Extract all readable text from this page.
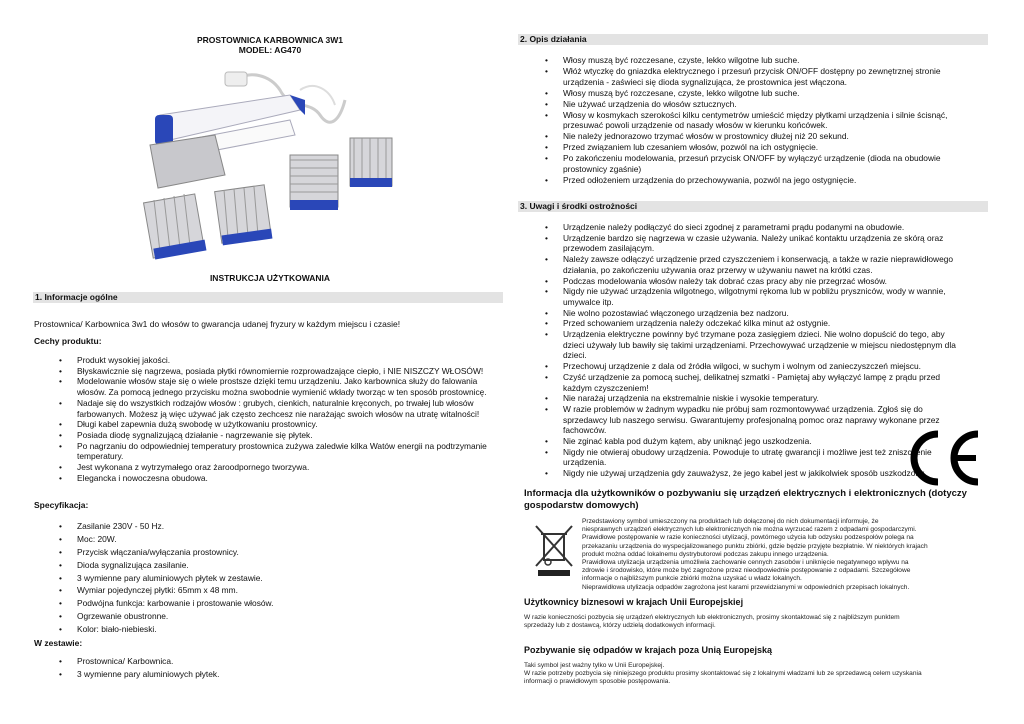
PROSTOWNICA KARBOWNICA 3W1
MODEL: AG470
INSTRUKCJA UŻYTKOWANIA
1. Informacje ogólne
Prostownica/ Karbownica 3w1 do włosów to gwarancja udanej fryzury w każdym miejscu i czasie!
Cechy produktu:
• Produkt wysokiej jakości.
• Błyskawicznie się nagrzewa, posiada płytki równomiernie rozprowadzające ciepło, i NIE NISZCZY WŁOSÓW!
• Modelowanie włosów staje się o wiele prostsze dzięki temu urządzeniu. Jako karbownica służy do falowania włosów. Za pomocą jednego przycisku można swobodnie wymienić wkłady tworząc w ten sposób prostownicę.
• Nadaje się do wszystkich rodzajów włosów : grubych, cienkich, naturalnie kręconych, po trwałej lub włosów farbowanych. Możesz ją więc używać jak często zechcesz nie narażając swoich włosów na utratę witalności!
• Długi kabel zapewnia dużą swobodę w użytkowaniu prostownicy.
• Posiada diodę sygnalizującą działanie - nagrzewanie się płytek.
• Po nagrzaniu do odpowiedniej temperatury prostownica zużywa zaledwie kilka Watów energii na podtrzymanie temperatury.
• Jest wykonana z wytrzymałego oraz żaroodpornego tworzywa.
• Elegancka i nowoczesna obudowa.
Specyfikacja:
• Zasilanie 230V - 50 Hz.
• Moc: 20W.
• Przycisk włączania/wyłączania prostownicy.
• Dioda sygnalizująca zasilanie.
• 3 wymienne pary aluminiowych płytek w zestawie.
• Wymiar pojedynczej płytki: 65mm x 48 mm.
• Podwójna funkcja: karbowanie i prostowanie włosów.
• Ogrzewanie obustronne.
• Kolor: biało-niebieski.
W zestawie:
• Prostownica/ Karbownica.
• 3 wymienne pary aluminiowych płytek.
2. Opis działania
• Włosy muszą być rozczesane, czyste, lekko wilgotne lub suche.
• Włóż wtyczkę do gniazdka elektrycznego i przesuń przycisk ON/OFF dostępny po zewnętrznej stronie urządzenia - zaświeci się dioda sygnalizująca, że prostownica jest włączona.
• Włosy muszą być rozczesane, czyste, lekko wilgotne lub suche.
• Nie używać urządzenia do włosów sztucznych.
• Włosy w kosmykach szerokości kilku centymetrów umieścić między płytkami urządzenia i silnie ścisnąć, przesuwać powoli urządzenie od nasady włosów w kierunku końcówek.
• Nie należy jednorazowo trzymać włosów w prostownicy dłużej niż 20 sekund.
• Przed związaniem lub czesaniem włosów, pozwól na ich ostygnięcie.
• Po zakończeniu modelowania, przesuń przycisk ON/OFF by wyłączyć urządzenie (dioda na obudowie prostownicy zgaśnie)
• Przed odłożeniem urządzenia do przechowywania, pozwól na jego ostygnięcie.
3. Uwagi i środki ostrożności
• Urządzenie należy podłączyć do sieci zgodnej z parametrami prądu podanymi na obudowie.
• Urządzenie bardzo się nagrzewa w czasie używania. Należy unikać kontaktu urządzenia ze skórą oraz przewodem zasilającym.
• Należy zawsze odłączyć urządzenie przed czyszczeniem i konserwacją, a także w razie nieprawidłowego działania, po zakończeniu używania oraz przerwy w używaniu nawet na krótki czas.
• Podczas modelowania włosów należy tak dobrać czas pracy aby nie przegrzać włosów.
• Nigdy nie używać urządzenia wilgotnego, wilgotnymi rękoma lub w pobliżu pryszniców, wody w wannie, umywalce itp.
• Nie wolno pozostawiać włączonego urządzenia bez nadzoru.
• Przed schowaniem urządzenia należy odczekać kilka minut aż ostygnie.
• Urządzenia elektryczne powinny być trzymane poza zasięgiem dzieci. Nie wolno dopuścić do tego, aby dzieci używały lub bawiły się takimi urządzeniami. Przechowywać urządzenie w miejscu niedostępnym dla dzieci.
• Przechowuj urządzenie z dala od źródła wilgoci, w suchym i wolnym od zanieczyszczeń miejscu.
• Czyść urządzenie za pomocą suchej, delikatnej szmatki - Pamiętaj aby wyłączyć lampę z prądu przed każdym czyszczeniem!
• Nie narażaj urządzenia na ekstremalnie niskie i wysokie temperatury.
• W razie problemów w żadnym wypadku nie próbuj sam rozmontowywać urządzenia. Zgłoś się do sprzedawcy lub naszego serwisu. Gwarantujemy profesjonalną pomoc oraz naprawy wykonane przez fachowców.
• Nie zginać kabla pod dużym kątem, aby uniknąć jego uszkodzenia.
• Nigdy nie otwieraj obudowy urządzenia. Powoduje to utratę gwarancji i możliwe jest też zniszczenie urządzenia.
• Nigdy nie używaj urządzenia gdy zauważysz, że jego kabel jest w jakikolwiek sposób uszkodzony.
Informacja dla użytkowników o pozbywaniu się urządzeń elektrycznych i elektronicznych (dotyczy gospodarstw domowych)
Przedstawiony symbol umieszczony na produktach lub dołączonej do nich dokumentacji informuje, że
niesprawnych urządzeń elektrycznych lub elektronicznych nie można wyrzucać razem z odpadami gospodarczymi.
Prawidłowe postępowanie w razie konieczności utylizacji, powtórnego użycia lub odzysku podzespołów polega na
przekazaniu urządzenia do wyspecjalizowanego punktu zbiórki, gdzie będzie przyjęte bezpłatnie. W niektórych krajach
produkt można oddać lokalnemu dystrybutorowi podczas zakupu innego urządzenia.
Prawidłowa utylizacja urządzenia umożliwia zachowanie cennych zasobów i uniknięcie negatywnego wpływu na
zdrowie i środowisko, które może być zagrożone przez nieodpowiednie postępowanie z odpadami. Szczegółowe
informacje o najbliższym punkcie zbiórki można uzyskać u władz lokalnych.
Nieprawidłowa utylizacja odpadów zagrożona jest karami przewidzianymi w odpowiednich przepisach lokalnych.
Użytkownicy biznesowi w krajach Unii Europejskiej
W razie konieczności pozbycia się urządzeń elektrycznych lub elektronicznych, prosimy skontaktować się z najbliższym punktem
sprzedaży lub z dostawcą, którzy udzielą dodatkowych informacji.
Pozbywanie się odpadów w krajach poza Unią Europejską
Taki symbol jest ważny tylko w Unii Europejskej.
W razie potrzeby pozbycia się niniejszego produktu prosimy skontaktować się z lokalnymi władzami lub ze sprzedawcą celem uzyskania
informacji o prawidłowym sposobie postępowania.
